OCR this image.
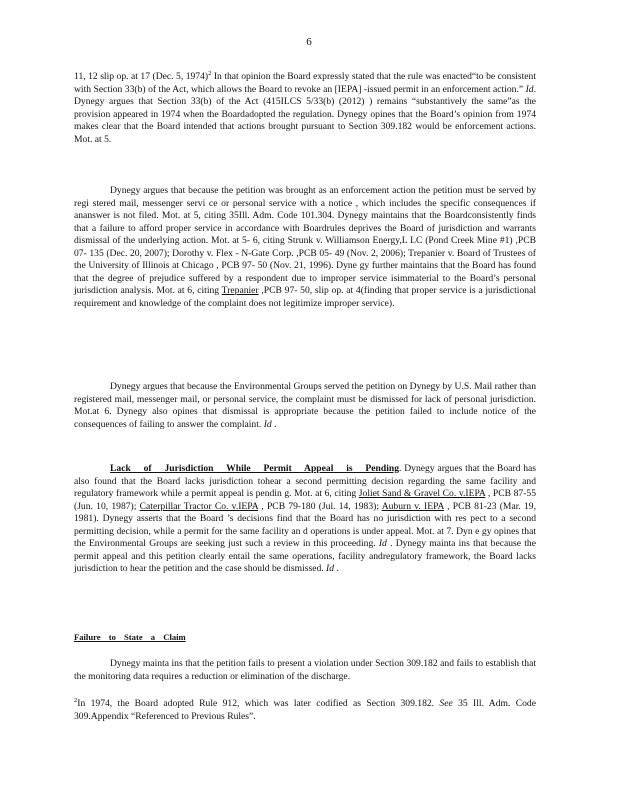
6

11, 12 slip op. at 17 (Dec. 5, 1974)$^2$ In that opinion the Board expressly stated that the rule was enacted“to be consistent with Section 33(b) of the Act, which allows the Board to revoke an [IEPA] -issued permit in an enforcement action.” Id. Dynegy argues that Section 33(b) of the Act (415ILCS 5/33(b) (2012) ) remains “substantively the same”as the provision appeared in 1974 when the Boardadopted the regulation. Dynegy opines that the Board’s opinion from 1974 makes clear that the Board intended that actions brought pursuant to Section 309.182 would be enforcement actions. Mot. at 5.

Dynegy argues that because the petition was brought as an enforcement action the petition must be served by regi stered mail, messenger servi ce or personal service with a notice , which includes the specific consequences if ananswer is not filed. Mot. at 5, citing 35Ill. Adm. Code 101.304. Dynegy maintains that the Boardconsistently finds that a failure to afford proper service in accordance with Boardrules deprives the Board of jurisdiction and warrants dismissal of the underlying action. Mot. at 5- 6, citing Strunk v. Williamson Energy,L LC (Pond Creek Mine #1) ,PCB 07- 135 (Dec. 20, 2007); Dorothy v. Flex - N-Gate Corp. ,PCB 05- 49 (Nov. 2, 2006); Trepanier v. Board of Trustees of the University of Illinois at Chicago , PCB 97- 50 (Nov. 21, 1996). Dyne gy further maintains that the Board has found that the degree of prejudice suffered by a respondent due to improper service isimmaterial to the Board’s personal jurisdiction analysis. Mot. at 6, citing Trepanier ,PCB 97- 50, slip op. at 4(finding that proper service is a jurisdictional requirement and knowledge of the complaint does not legitimize improper service).

Dynegy argues that because the Environmental Groups served the petition on Dynegy by U.S. Mail rather than registered mail, messenger mail, or personal service, the complaint must be dismissed for lack of personal jurisdiction. Mot.at 6. Dynegy also opines that dismissal is appropriate because the petition failed to include notice of the consequences of failing to answer the complaint. Id .

Lack of Jurisdiction While Permit Appeal is Pending. Dynegy argues that the Board has also found that the Board lacks jurisdiction tohear a second permitting decision regarding the same facility and regulatory framework while a permit appeal is pendin g. Mot. at 6, citing Joliet Sand & Gravel Co. v.IEPA , PCB 87-55 (Jun. 10, 1987); Caterpillar Tractor Co. v.IEPA , PCB 79-180 (Jul. 14, 1983); Auburn v. IEPA , PCB 81-23 (Mar. 19, 1981). Dynegy asserts that the Board ’s decisions find that the Board has no jurisdiction with res pect to a second permitting decision, while a permit for the same facility an d operations is under appeal. Mot. at 7. Dyn e gy opines that the Environmental Groups are seeking just such a review in this proceeding. Id . Dynegy mainta ins that because the permit appeal and this petition clearly entail the same operations, facility andregulatory framework, the Board lacks jurisdiction to hear the petition and the case should be dismissed. Id .

Failure to State a Claim

Dynegy mainta ins that the petition fails to present a violation under Section 309.182 and fails to establish that the monitoring data requires a reduction or elimination of the discharge.

$^2$In 1974, the Board adopted Rule 912, which was later codified as Section 309.182. See 35 Ill. Adm. Code 309.Appendix “Referenced to Previous Rules”.
